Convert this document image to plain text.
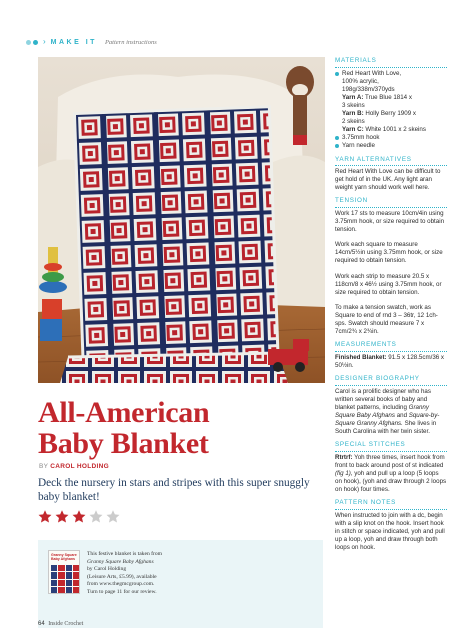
› MAKE IT Pattern instructions
All-American
Baby Blanket
BY CAROL HOLDING

Deck the nursery in stars and stripes with this super snuggly baby blanket!

Granny Square Baby Afghans
This festive blanket is taken from
Granny Square Baby Afghans
by Carol Holding
(Leisure Arts, £5.99), available
from www.thegmcgroup.com.
Turn to page 11 for our review.
64 Inside Crochet
MATERIALS
Red Heart With Love,
100% acrylic,
198g/338m/370yds
Yarn A: True Blue 1814 x
3 skeins
Yarn B: Holly Berry 1909 x
2 skeins
Yarn C: White 1001 x 2 skeins
3.75mm hook
Yarn needle
YARN ALTERNATIVES

Red Heart With Love can be difficult to get hold of in the UK. Any light aran weight yarn should work well here.

TENSION

Work 17 sts to measure 10cm/4in using 3.75mm hook, or size required to obtain tension.

Work each square to measure 14cm/5½in using 3.75mm hook, or size required to obtain tension.

Work each strip to measure 20.5 x 118cm/8 x 46½ using 3.75mm hook, or size required to obtain tension.

To make a tension swatch, work as Square to end of rnd 3 – 36tr, 12 1ch-sps. Swatch should measure 7 x 7cm/2¾ x 2¾in.

MEASUREMENTS

Finished Blanket: 91.5 x 128.5cm/36 x 50½in.

DESIGNER BIOGRAPHY

Carol is a prolific designer who has written several books of baby and blanket patterns, including Granny Square Baby Afghans and Square-by-Square Granny Afghans. She lives in South Carolina with her twin sister.

SPECIAL STITCHES

Rtrtrf: Yoh three times, insert hook from front to back around post of st indicated (fig 1), yoh and pull up a loop (5 loops on hook), (yoh and draw through 2 loops on hook) four times.

PATTERN NOTES

When instructed to join with a dc, begin with a slip knot on the hook. Insert hook in stitch or space indicated, yoh and pull up a loop, yoh and draw through both loops on hook.
